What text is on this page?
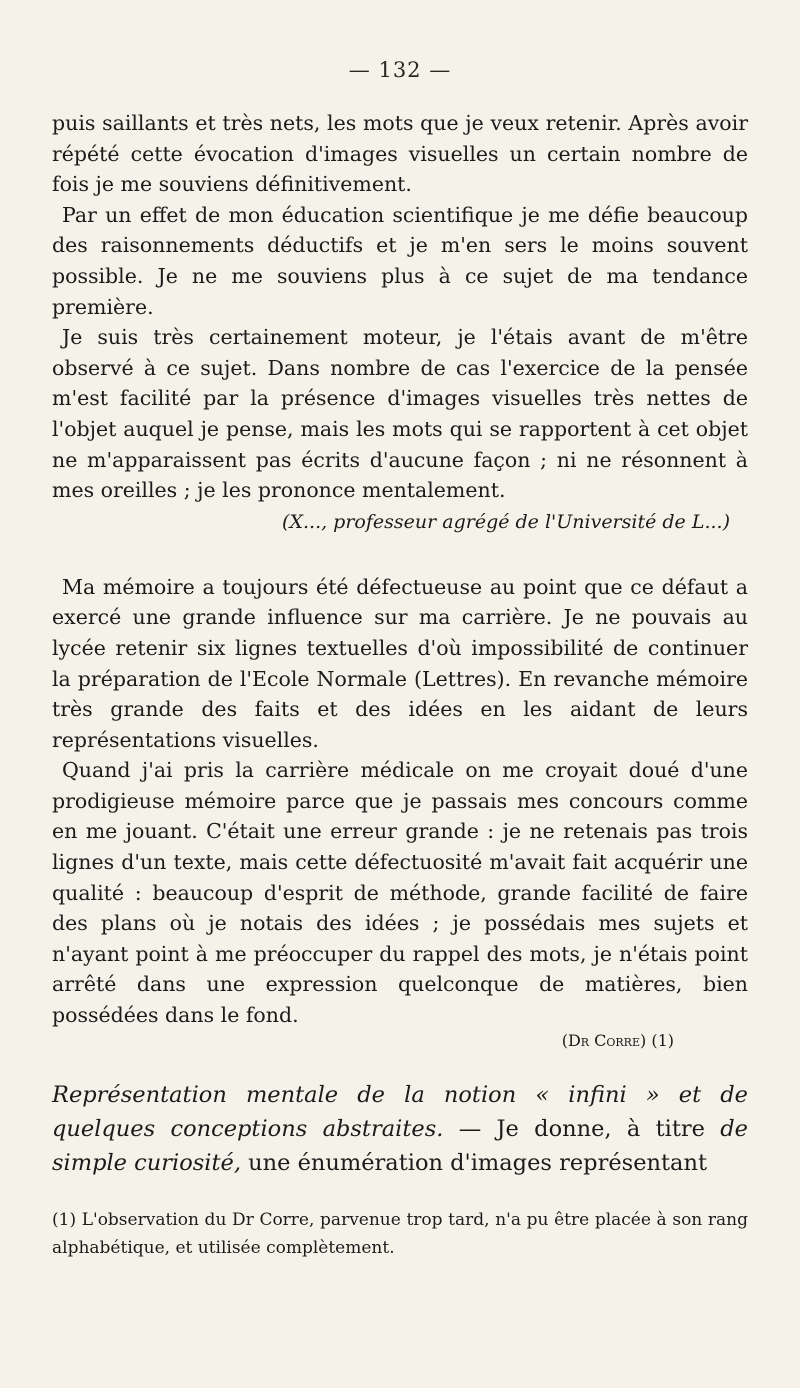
— 132 —

puis saillants et très nets, les mots que je veux retenir. Après avoir répété cette évocation d'images visuelles un certain nombre de fois je me souviens définitivement.

Par un effet de mon éducation scientifique je me défie beaucoup des raisonnements déductifs et je m'en sers le moins souvent possible. Je ne me souviens plus à ce sujet de ma tendance première.

Je suis très certainement moteur, je l'étais avant de m'être observé à ce sujet. Dans nombre de cas l'exercice de la pensée m'est facilité par la présence d'images visuelles très nettes de l'objet auquel je pense, mais les mots qui se rapportent à cet objet ne m'apparaissent pas écrits d'aucune façon ; ni ne résonnent à mes oreilles ; je les prononce mentalement.

(X..., professeur agrégé de l'Université de L...)

Ma mémoire a toujours été défectueuse au point que ce défaut a exercé une grande influence sur ma carrière. Je ne pouvais au lycée retenir six lignes textuelles d'où impossibilité de continuer la préparation de l'Ecole Normale (Lettres). En revanche mémoire très grande des faits et des idées en les aidant de leurs représentations visuelles.

Quand j'ai pris la carrière médicale on me croyait doué d'une prodigieuse mémoire parce que je passais mes concours comme en me jouant. C'était une erreur grande : je ne retenais pas trois lignes d'un texte, mais cette défectuosité m'avait fait acquérir une qualité : beaucoup d'esprit de méthode, grande facilité de faire des plans où je notais des idées ; je possédais mes sujets et n'ayant point à me préoccuper du rappel des mots, je n'étais point arrêté dans une expression quelconque de matières, bien possédées dans le fond.

(Dr Corre) (1)

Représentation mentale de la notion « infini » et de quelques conceptions abstraites. — Je donne, à titre de simple curiosité, une énumération d'images représentant

(1) L'observation du Dr Corre, parvenue trop tard, n'a pu être placée à son rang alphabétique, et utilisée complètement.
